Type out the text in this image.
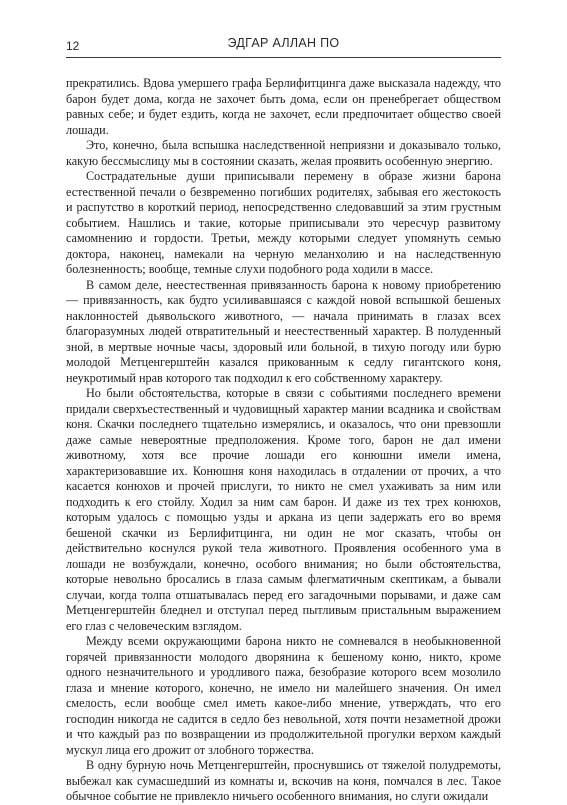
12	ЭДГАР АЛЛАН ПО

прекратились. Вдова умершего графа Берлифитцинга даже высказала надежду, что барон будет дома, когда не захочет быть дома, если он пренебрегает обществом равных себе; и будет ездить, когда не захочет, если предпочитает общество своей лошади.

Это, конечно, была вспышка наследственной неприязни и доказывало только, какую бессмыслицу мы в состоянии сказать, желая проявить особенную энергию.

Сострадательные души приписывали перемену в образе жизни барона естественной печали о безвременно погибших родителях, забывая его жестокость и распутство в короткий период, непосредственно следовавший за этим грустным событием. Нашлись и такие, которые приписывали это чересчур развитому самомнению и гордости. Третьи, между которыми следует упомянуть семью доктора, наконец, намекали на черную меланхолию и на наследственную болезненность; вообще, темные слухи подобного рода ходили в массе.

В самом деле, неестественная привязанность барона к новому приобретению — привязанность, как будто усиливавшаяся с каждой новой вспышкой бешеных наклонностей дьявольского животного, — начала принимать в глазах всех благоразумных людей отвратительный и неестественный характер. В полуденный зной, в мертвые ночные часы, здоровый или больной, в тихую погоду или бурю молодой Метценгерштейн казался прикованным к седлу гигантского коня, неукротимый нрав которого так подходил к его собственному характеру.

Но были обстоятельства, которые в связи с событиями последнего времени придали сверхъестественный и чудовищный характер мании всадника и свойствам коня. Скачки последнего тщательно измерялись, и оказалось, что они превзошли даже самые невероятные предположения. Кроме того, барон не дал имени животному, хотя все прочие лошади его конюшни имели имена, характеризовавшие их. Конюшня коня находилась в отдалении от прочих, а что касается конюхов и прочей прислуги, то никто не смел ухаживать за ним или подходить к его стойлу. Ходил за ним сам барон. И даже из тех трех конюхов, которым удалось с помощью узды и аркана из цепи задержать его во время бешеной скачки из Берлифитцинга, ни один не мог сказать, чтобы он действительно коснулся рукой тела животного. Проявления особенного ума в лошади не возбуждали, конечно, особого внимания; но были обстоятельства, которые невольно бросались в глаза самым флегматичным скептикам, а бывали случаи, когда толпа отшатывалась перед его загадочными порывами, и даже сам Метценгерштейн бледнел и отступал перед пытливым пристальным выражением его глаз с человеческим взглядом.

Между всеми окружающими барона никто не сомневался в необыкновенной горячей привязанности молодого дворянина к бешеному коню, никто, кроме одного незначительного и уродливого пажа, безобразие которого всем мозолило глаза и мнение которого, конечно, не имело ни малейшего значения. Он имел смелость, если вообще смел иметь какое-либо мнение, утверждать, что его господин никогда не садится в седло без невольной, хотя почти незаметной дрожи и что каждый раз по возвращении из продолжительной прогулки верхом каждый мускул лица его дрожит от злобного торжества.

В одну бурную ночь Метценгерштейн, проснувшись от тяжелой полудремоты, выбежал как сумасшедший из комнаты и, вскочив на коня, помчался в лес. Такое обычное событие не привлекло ничьего особенного внимания, но слуги ожидали
